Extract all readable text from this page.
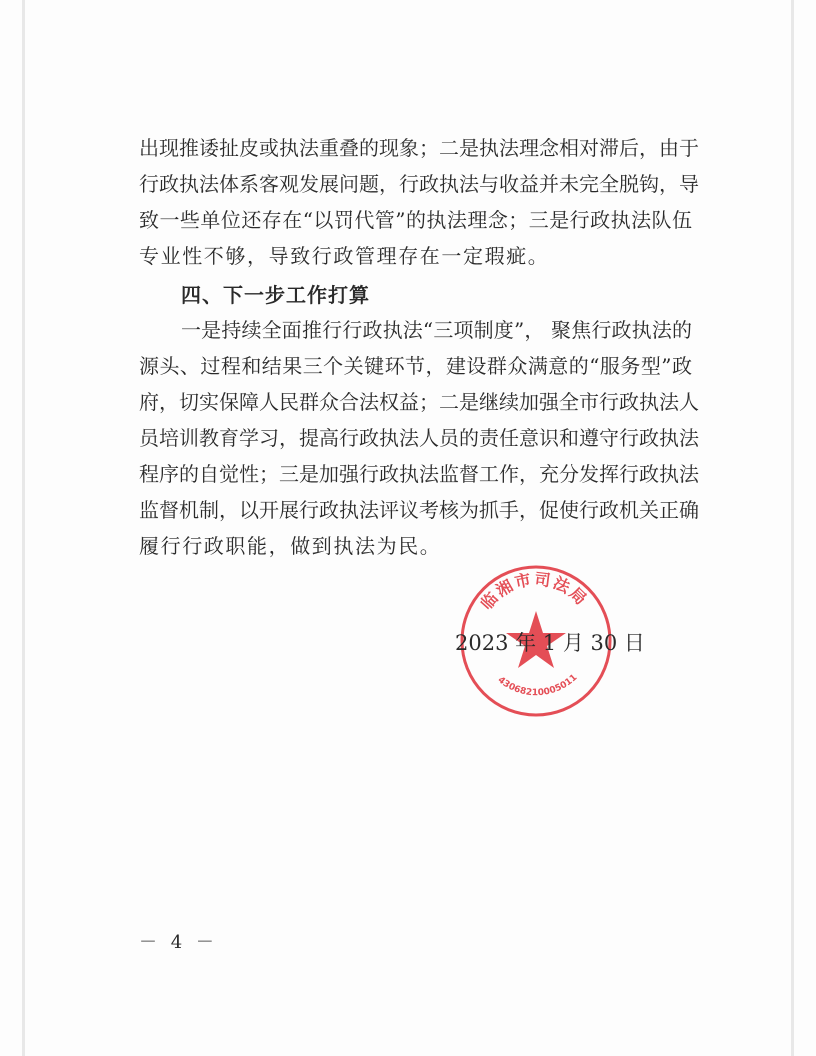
出现推诿扯皮或执法重叠的现象；二是执法理念相对滞后，由于
行政执法体系客观发展问题，行政执法与收益并未完全脱钩，导
致一些单位还存在“以罚代管”的执法理念；三是行政执法队伍
专业性不够，导致行政管理存在一定瑕疵。
四、下一步工作打算
一是持续全面推行行政执法“三项制度”， 聚焦行政执法的
源头、过程和结果三个关键环节，建设群众满意的“服务型”政
府，切实保障人民群众合法权益；二是继续加强全市行政执法人
员培训教育学习，提高行政执法人员的责任意识和遵守行政执法
程序的自觉性；三是加强行政执法监督工作，充分发挥行政执法
监督机制，以开展行政执法评议考核为抓手，促使行政机关正确
履行行政职能，做到执法为民。
2023 年 1 月 30 日
临湘市司法局
43068210005011
－ 4 －
